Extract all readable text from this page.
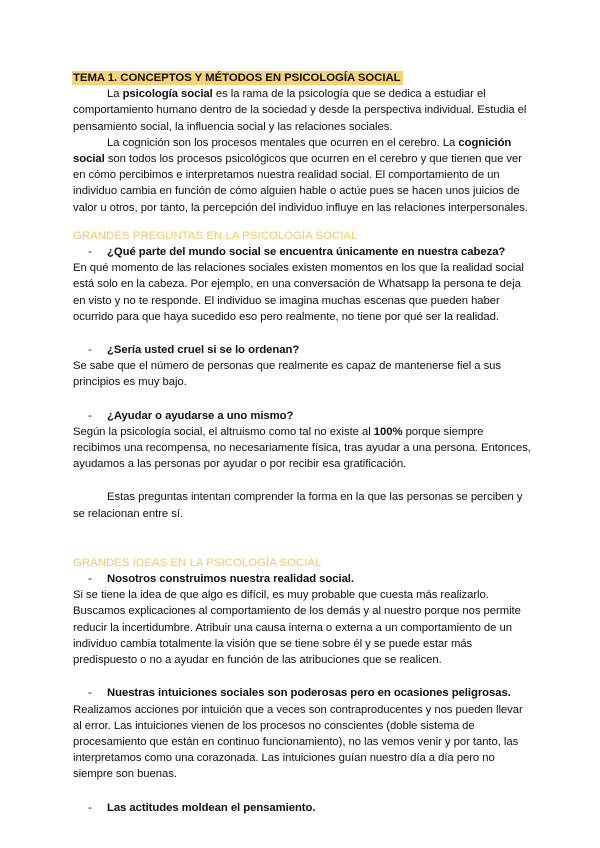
TEMA 1. CONCEPTOS Y MÉTODOS EN PSICOLOGÍA SOCIAL

La psicología social es la rama de la psicología que se dedica a estudiar el comportamiento humano dentro de la sociedad y desde la perspectiva individual. Estudia el pensamiento social, la influencia social y las relaciones sociales.

La cognición son los procesos mentales que ocurren en el cerebro. La cognición social son todos los procesos psicológicos que ocurren en el cerebro y que tienen que ver en cómo percibimos e interpretamos nuestra realidad social. El comportamiento de un individuo cambia en función de cómo alguien hable o actúe pues se hacen unos juicios de valor u otros, por tanto, la percepción del individuo influye en las relaciones interpersonales.

GRANDES PREGUNTAS EN LA PSICOLOGÍA SOCIAL

- ¿Qué parte del mundo social se encuentra únicamente en nuestra cabeza?

En qué momento de las relaciones sociales existen momentos en los que la realidad social está solo en la cabeza. Por ejemplo, en una conversación de Whatsapp la persona te deja en visto y no te responde. El individuo se imagina muchas escenas que pueden haber ocurrido para que haya sucedido eso pero realmente, no tiene por qué ser la realidad.

- ¿Sería usted cruel si se lo ordenan?

Se sabe que el número de personas que realmente es capaz de mantenerse fiel a sus principios es muy bajo.

- ¿Ayudar o ayudarse a uno mismo?

Según la psicología social, el altruismo como tal no existe al 100% porque siempre recibimos una recompensa, no necesariamente física, tras ayudar a una persona. Entonces, ayudamos a las personas por ayudar o por recibir esa gratificación.

Estas preguntas intentan comprender la forma en la que las personas se perciben y se relacionan entre sí.

GRANDES IDEAS EN LA PSICOLOGÍA SOCIAL

- Nosotros construimos nuestra realidad social.

Si se tiene la idea de que algo es difícil, es muy probable que cuesta más realizarlo. Buscamos explicaciones al comportamiento de los demás y al nuestro porque nos permite reducir la incertidumbre. Atribuir una causa interna o externa a un comportamiento de un individuo cambia totalmente la visión que se tiene sobre él y se puede estar más predispuesto o no a ayudar en función de las atribuciones que se realicen.

- Nuestras intuiciones sociales son poderosas pero en ocasiones peligrosas.

Realizamos acciones por intuición que a veces son contraproducentes y nos pueden llevar al error. Las intuiciones vienen de los procesos no conscientes (doble sistema de procesamiento que están en continuo funcionamiento), no las vemos venir y por tanto, las interpretamos como una corazonada. Las intuiciones guían nuestro día a día pero no siempre son buenas.

- Las actitudes moldean el pensamiento.
